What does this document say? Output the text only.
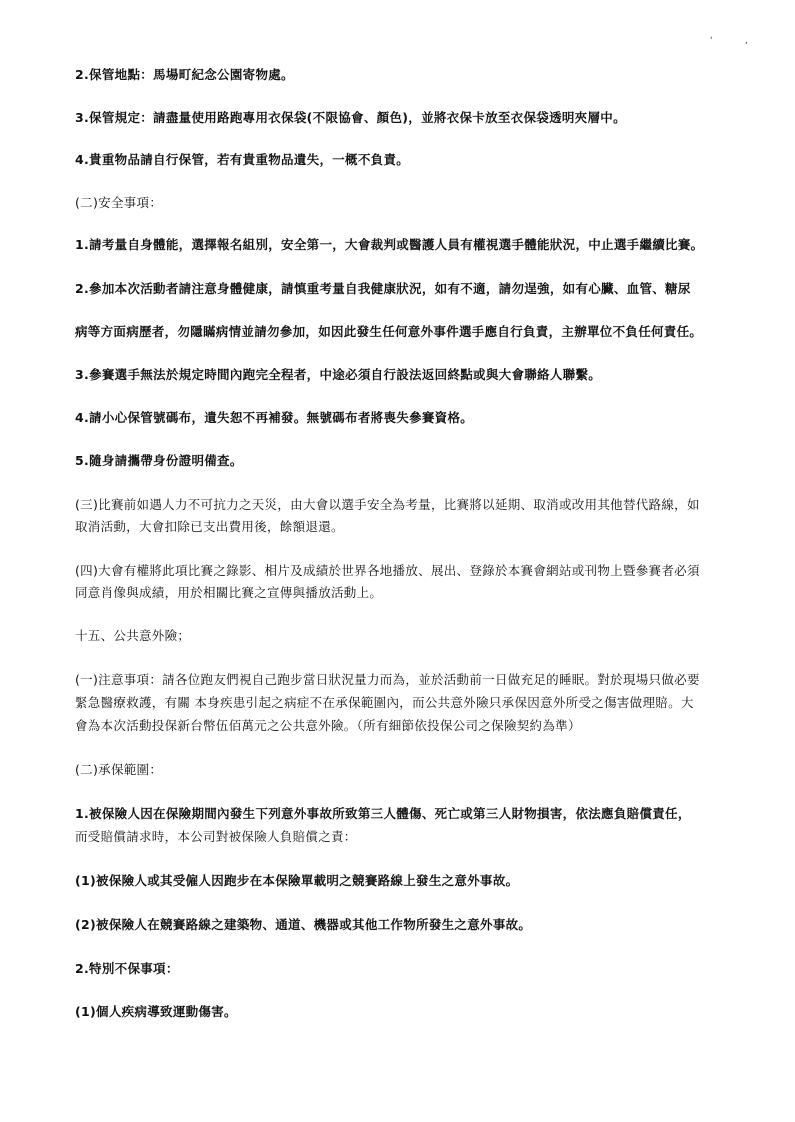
'	,
2.保管地點：馬場町紀念公園寄物處。
3.保管規定：請盡量使用路跑專用衣保袋(不限協會、顏色)，並將衣保卡放至衣保袋透明夾層中。
4.貴重物品請自行保管，若有貴重物品遺失，一概不負責。
(二)安全事項：
1.請考量自身體能，選擇報名組別，安全第一，大會裁判或醫護人員有權視選手體能狀況，中止選手繼續比賽。
2.參加本次活動者請注意身體健康，請慎重考量自我健康狀況，如有不適，請勿逞強，如有心臟、血管、糖尿
病等方面病歷者，勿隱瞞病情並請勿參加，如因此發生任何意外事件選手應自行負責，主辦單位不負任何責任。
3.參賽選手無法於規定時間內跑完全程者，中途必須自行設法返回終點或與大會聯絡人聯繫。
4.請小心保管號碼布，遺失恕不再補發。無號碼布者將喪失參賽資格。
5.隨身請攜帶身份證明備查。
(三)比賽前如遇人力不可抗力之天災，由大會以選手安全為考量，比賽將以延期、取消或改用其他替代路線，如
取消活動，大會扣除已支出費用後，餘額退還。
(四)大會有權將此項比賽之錄影、相片及成績於世界各地播放、展出、登錄於本賽會網站或刊物上暨參賽者必須
同意肖像與成績，用於相關比賽之宣傳與播放活動上。
十五、公共意外險；
(一)注意事項：請各位跑友們視自己跑步當日狀況量力而為，並於活動前一日做充足的睡眠。對於現場只做必要
緊急醫療救護，有關 本身疾患引起之病症不在承保範圍內，而公共意外險只承保因意外所受之傷害做理賠。大
會為本次活動投保新台幣伍佰萬元之公共意外險。（所有細節依投保公司之保險契約為準）
(二)承保範圍：
1.被保險人因在保險期間內發生下列意外事故所致第三人體傷、死亡或第三人財物損害，依法應負賠償責任，
而受賠償請求時，本公司對被保險人負賠償之責：
(1)被保險人或其受僱人因跑步在本保險單載明之競賽路線上發生之意外事故。
(2)被保險人在競賽路線之建築物、通道、機器或其他工作物所發生之意外事故。
2.特別不保事項：
(1)個人疾病導致運動傷害。
